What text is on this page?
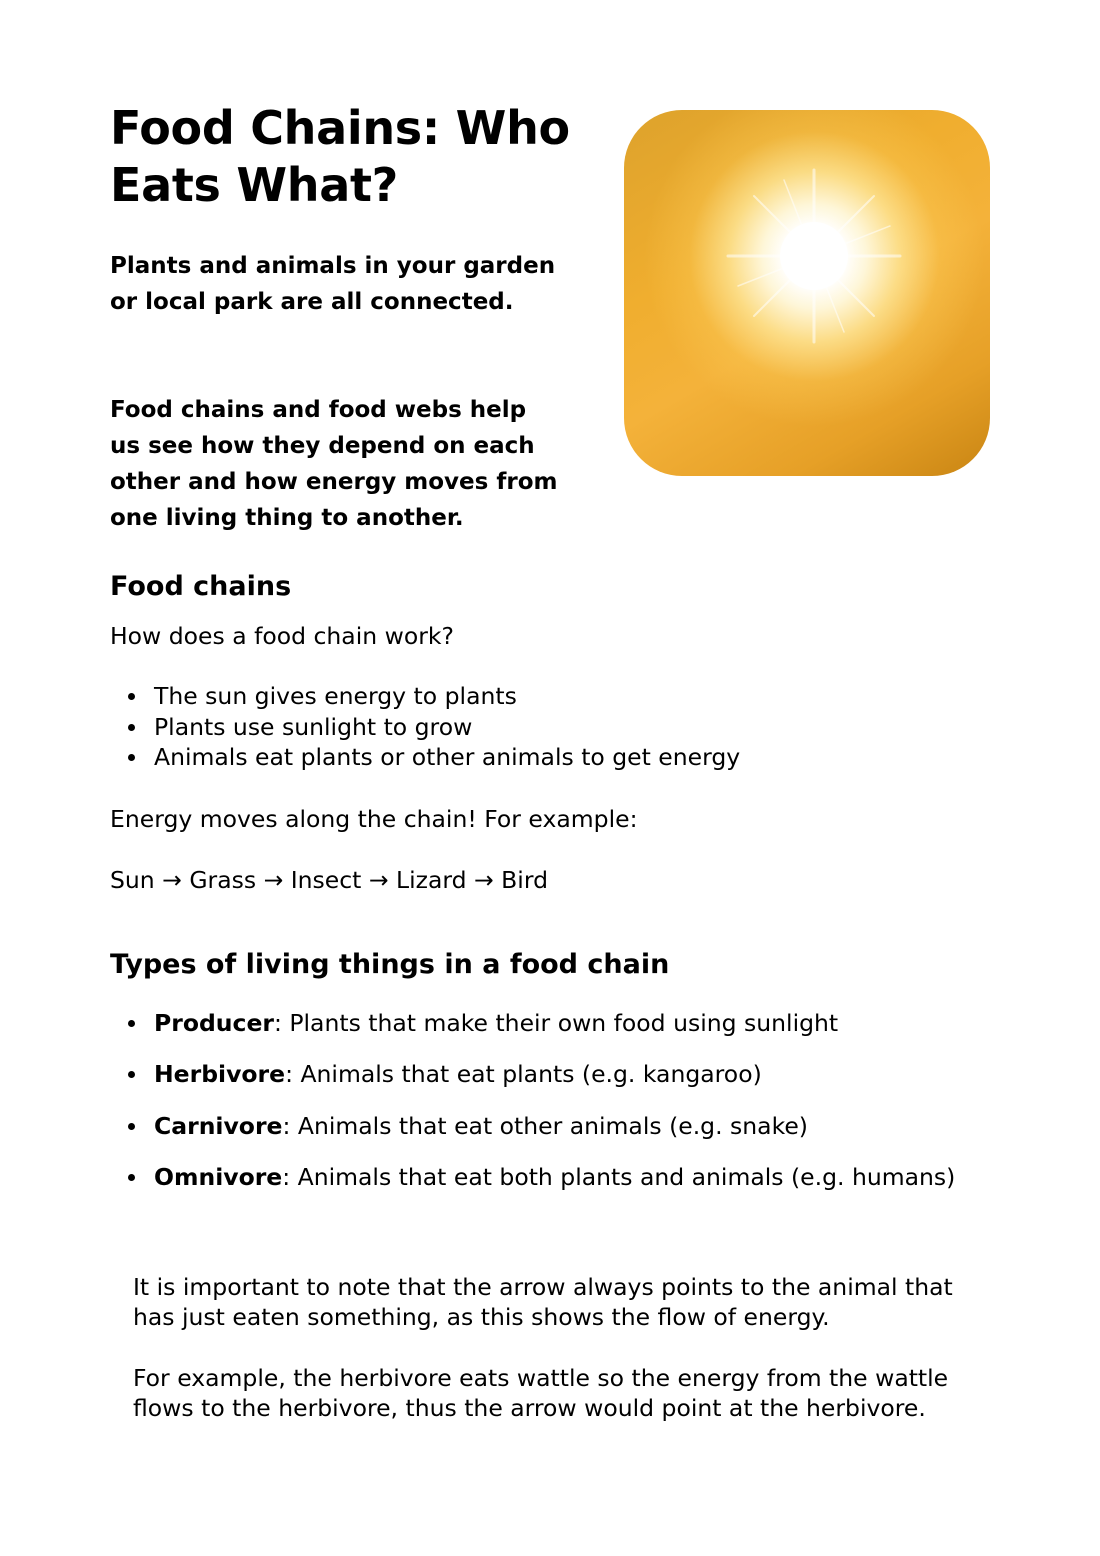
Food Chains: Who Eats What?

Plants and animals in your garden or local park are all connected.

Food chains and food webs help us see how they depend on each other and how energy moves from one living thing to another.

Food chains

How does a food chain work?

The sun gives energy to plants
Plants use sunlight to grow
Animals eat plants or other animals to get energy

Energy moves along the chain! For example:

Sun → Grass → Insect → Lizard → Bird

Types of living things in a food chain
Producer: Plants that make their own food using sunlight
Herbivore: Animals that eat plants (e.g. kangaroo)
Carnivore: Animals that eat other animals (e.g. snake)
Omnivore: Animals that eat both plants and animals (e.g. humans)

It is important to note that the arrow always points to the animal that has just eaten something, as this shows the flow of energy.

For example, the herbivore eats wattle so the energy from the wattle flows to the herbivore, thus the arrow would point at the herbivore.
